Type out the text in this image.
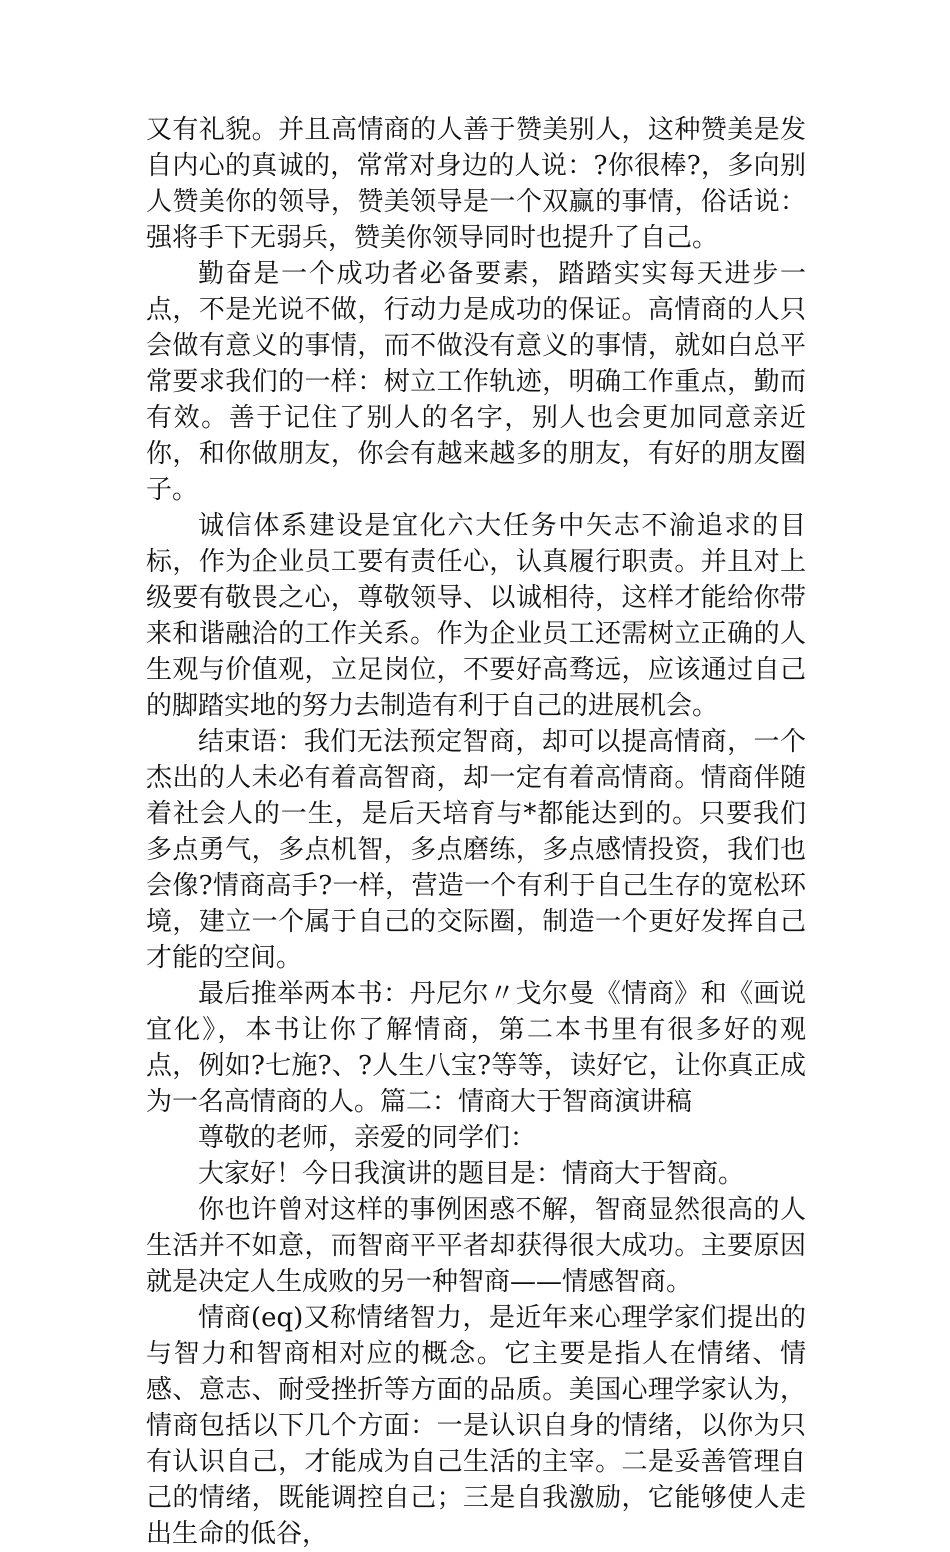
又有礼貌。并且高情商的人善于赞美别人，这种赞美是发自内心的真诚的，常常对身边的人说：?你很棒?，多向别人赞美你的领导，赞美领导是一个双赢的事情，俗话说：强将手下无弱兵，赞美你领导同时也提升了自己。

勤奋是一个成功者必备要素，踏踏实实每天进步一点，不是光说不做，行动力是成功的保证。高情商的人只会做有意义的事情，而不做没有意义的事情，就如白总平常要求我们的一样：树立工作轨迹，明确工作重点，勤而有效。善于记住了别人的名字，别人也会更加同意亲近你，和你做朋友，你会有越来越多的朋友，有好的朋友圈子。

诚信体系建设是宜化六大任务中矢志不渝追求的目标，作为企业员工要有责任心，认真履行职责。并且对上级要有敬畏之心，尊敬领导、以诚相待，这样才能给你带来和谐融洽的工作关系。作为企业员工还需树立正确的人生观与价值观，立足岗位，不要好高骛远，应该通过自己的脚踏实地的努力去制造有利于自己的进展机会。

结束语：我们无法预定智商，却可以提高情商，一个杰出的人未必有着高智商，却一定有着高情商。情商伴随着社会人的一生，是后天培育与*都能达到的。只要我们多点勇气，多点机智，多点磨练，多点感情投资，我们也会像?情商高手?一样，营造一个有利于自己生存的宽松环境，建立一个属于自己的交际圈，制造一个更好发挥自己才能的空间。

最后推举两本书：丹尼尔〃戈尔曼《情商》和《画说宜化》，本书让你了解情商，第二本书里有很多好的观点，例如?七施?、?人生八宝?等等，读好它，让你真正成为一名高情商的人。篇二：情商大于智商演讲稿

尊敬的老师，亲爱的同学们：

大家好！今日我演讲的题目是：情商大于智商。

你也许曾对这样的事例困惑不解，智商显然很高的人生活并不如意，而智商平平者却获得很大成功。主要原因就是决定人生成败的另一种智商——情感智商。

情商(eq)又称情绪智力，是近年来心理学家们提出的与智力和智商相对应的概念。它主要是指人在情绪、情感、意志、耐受挫折等方面的品质。美国心理学家认为，情商包括以下几个方面：一是认识自身的情绪，以你为只有认识自己，才能成为自己生活的主宰。二是妥善管理自己的情绪，既能调控自己；三是自我激励，它能够使人走出生命的低谷，
